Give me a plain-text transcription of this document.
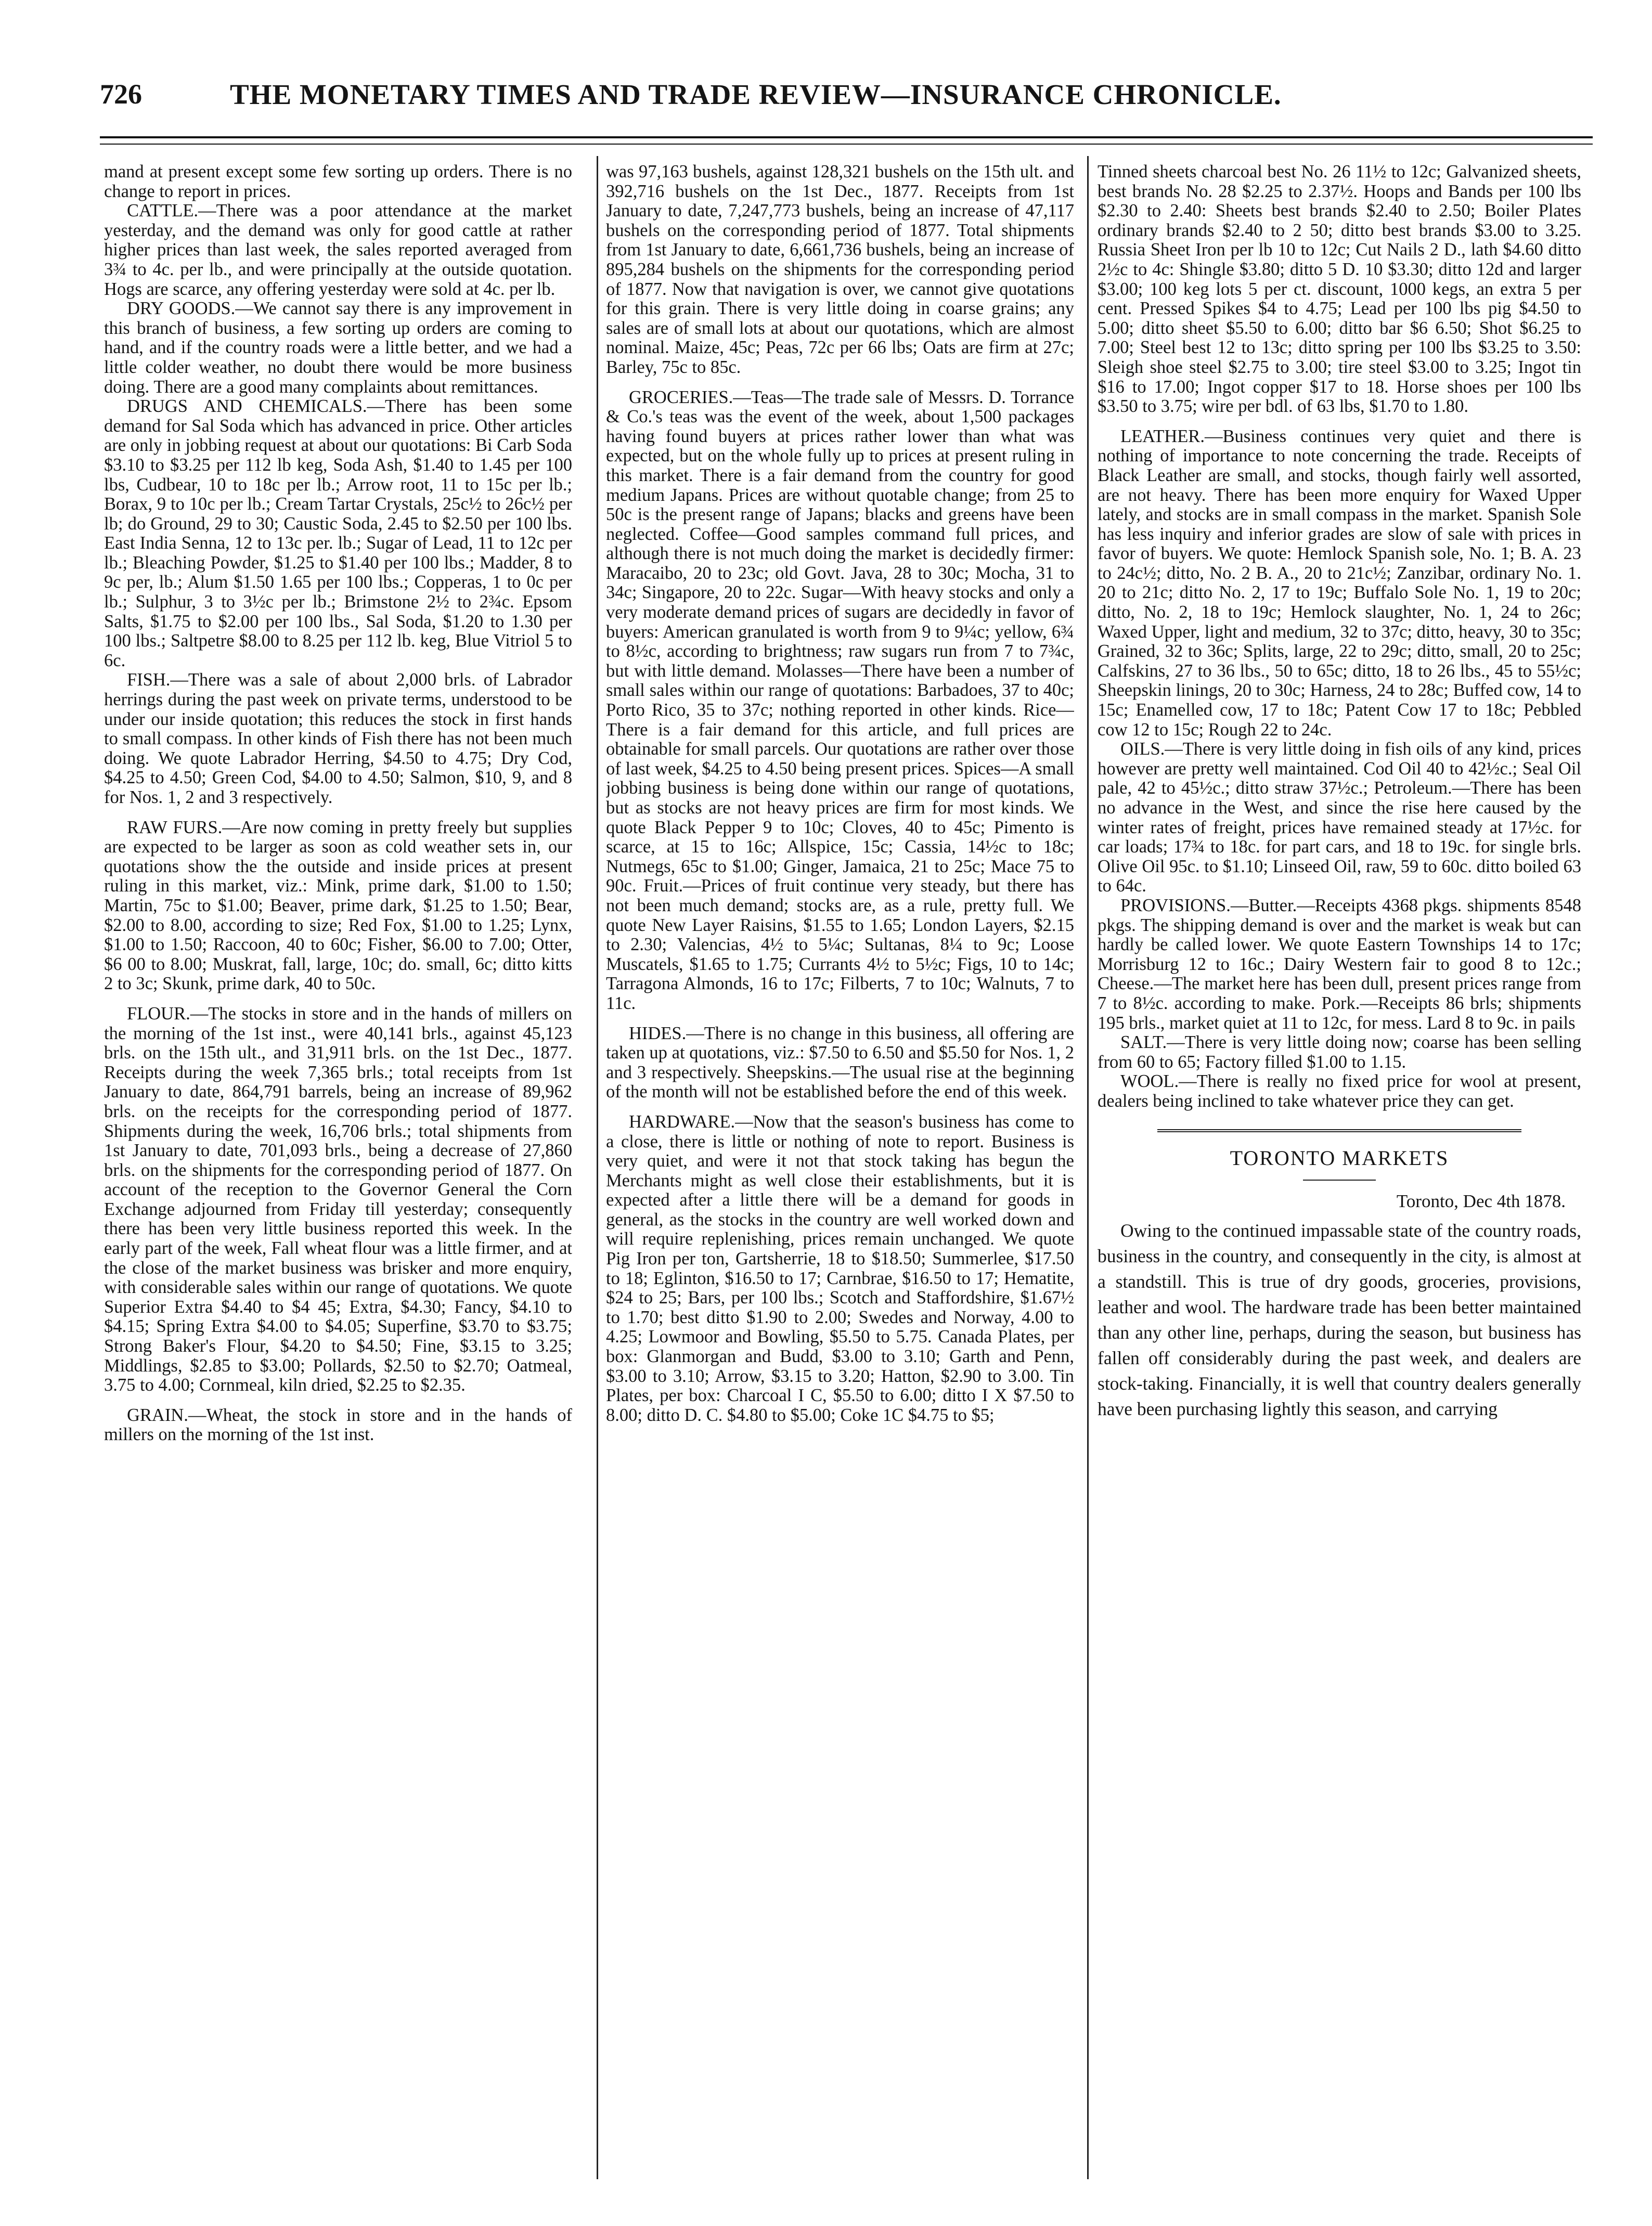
726	THE MONETARY TIMES AND TRADE REVIEW—INSURANCE CHRONICLE.

mand at present except some few sorting up orders. There is no change to report in prices.

CATTLE.—There was a poor attendance at the market yesterday, and the demand was only for good cattle at rather higher prices than last week, the sales reported averaged from 3¾ to 4c. per lb., and were principally at the outside quotation. Hogs are scarce, any offering yesterday were sold at 4c. per lb.

DRY GOODS.—We cannot say there is any improvement in this branch of business, a few sorting up orders are coming to hand, and if the country roads were a little better, and we had a little colder weather, no doubt there would be more business doing. There are a good many complaints about remittances.

DRUGS AND CHEMICALS.—There has been some demand for Sal Soda which has advanced in price. Other articles are only in jobbing request at about our quotations: Bi Carb Soda $3.10 to $3.25 per 112 lb keg, Soda Ash, $1.40 to 1.45 per 100 lbs, Cudbear, 10 to 18c per lb.; Arrow root, 11 to 15c per lb.; Borax, 9 to 10c per lb.; Cream Tartar Crystals, 25c½ to 26c½ per lb; do Ground, 29 to 30; Caustic Soda, 2.45 to $2.50 per 100 lbs. East India Senna, 12 to 13c per. lb.; Sugar of Lead, 11 to 12c per lb.; Bleaching Powder, $1.25 to $1.40 per 100 lbs.; Madder, 8 to 9c per, lb.; Alum $1.50 1.65 per 100 lbs.; Copperas, 1 to 0c per lb.; Sulphur, 3 to 3½c per lb.; Brimstone 2½ to 2¾c. Epsom Salts, $1.75 to $2.00 per 100 lbs., Sal Soda, $1.20 to 1.30 per 100 lbs.; Saltpetre $8.00 to 8.25 per 112 lb. keg, Blue Vitriol 5 to 6c.

FISH.—There was a sale of about 2,000 brls. of Labrador herrings during the past week on private terms, understood to be under our inside quotation; this reduces the stock in first hands to small compass. In other kinds of Fish there has not been much doing. We quote Labrador Herring, $4.50 to 4.75; Dry Cod, $4.25 to 4.50; Green Cod, $4.00 to 4.50; Salmon, $10, 9, and 8 for Nos. 1, 2 and 3 respectively.

RAW FURS.—Are now coming in pretty freely but supplies are expected to be larger as soon as cold weather sets in, our quotations show the the outside and inside prices at present ruling in this market, viz.: Mink, prime dark, $1.00 to 1.50; Martin, 75c to $1.00; Beaver, prime dark, $1.25 to 1.50; Bear, $2.00 to 8.00, according to size; Red Fox, $1.00 to 1.25; Lynx, $1.00 to 1.50; Raccoon, 40 to 60c; Fisher, $6.00 to 7.00; Otter, $6 00 to 8.00; Muskrat, fall, large, 10c; do. small, 6c; ditto kitts 2 to 3c; Skunk, prime dark, 40 to 50c.

FLOUR.—The stocks in store and in the hands of millers on the morning of the 1st inst., were 40,141 brls., against 45,123 brls. on the 15th ult., and 31,911 brls. on the 1st Dec., 1877. Receipts during the week 7,365 brls.; total receipts from 1st January to date, 864,791 barrels, being an increase of 89,962 brls. on the receipts for the corresponding period of 1877. Shipments during the week, 16,706 brls.; total shipments from 1st January to date, 701,093 brls., being a decrease of 27,860 brls. on the shipments for the corresponding period of 1877. On account of the reception to the Governor General the Corn Exchange adjourned from Friday till yesterday; consequently there has been very little business reported this week. In the early part of the week, Fall wheat flour was a little firmer, and at the close of the market business was brisker and more enquiry, with considerable sales within our range of quotations. We quote Superior Extra $4.40 to $4 45; Extra, $4.30; Fancy, $4.10 to $4.15; Spring Extra $4.00 to $4.05; Superfine, $3.70 to $3.75; Strong Baker's Flour, $4.20 to $4.50; Fine, $3.15 to 3.25; Middlings, $2.85 to $3.00; Pollards, $2.50 to $2.70; Oatmeal, 3.75 to 4.00; Cornmeal, kiln dried, $2.25 to $2.35.

GRAIN.—Wheat, the stock in store and in the hands of millers on the morning of the 1st inst.

was 97,163 bushels, against 128,321 bushels on the 15th ult. and 392,716 bushels on the 1st Dec., 1877. Receipts from 1st January to date, 7,247,773 bushels, being an increase of 47,117 bushels on the corresponding period of 1877. Total shipments from 1st January to date, 6,661,736 bushels, being an increase of 895,284 bushels on the shipments for the corresponding period of 1877. Now that navigation is over, we cannot give quotations for this grain. There is very little doing in coarse grains; any sales are of small lots at about our quotations, which are almost nominal. Maize, 45c; Peas, 72c per 66 lbs; Oats are firm at 27c; Barley, 75c to 85c.

GROCERIES.—Teas—The trade sale of Messrs. D. Torrance & Co.'s teas was the event of the week, about 1,500 packages having found buyers at prices rather lower than what was expected, but on the whole fully up to prices at present ruling in this market. There is a fair demand from the country for good medium Japans. Prices are without quotable change; from 25 to 50c is the present range of Japans; blacks and greens have been neglected. Coffee—Good samples command full prices, and although there is not much doing the market is decidedly firmer: Maracaibo, 20 to 23c; old Govt. Java, 28 to 30c; Mocha, 31 to 34c; Singapore, 20 to 22c. Sugar—With heavy stocks and only a very moderate demand prices of sugars are decidedly in favor of buyers: American granulated is worth from 9 to 9¼c; yellow, 6¾ to 8½c, according to brightness; raw sugars run from 7 to 7¾c, but with little demand. Molasses—There have been a number of small sales within our range of quotations: Barbadoes, 37 to 40c; Porto Rico, 35 to 37c; nothing reported in other kinds. Rice—There is a fair demand for this article, and full prices are obtainable for small parcels. Our quotations are rather over those of last week, $4.25 to 4.50 being present prices. Spices—A small jobbing business is being done within our range of quotations, but as stocks are not heavy prices are firm for most kinds. We quote Black Pepper 9 to 10c; Cloves, 40 to 45c; Pimento is scarce, at 15 to 16c; Allspice, 15c; Cassia, 14½c to 18c; Nutmegs, 65c to $1.00; Ginger, Jamaica, 21 to 25c; Mace 75 to 90c. Fruit.—Prices of fruit continue very steady, but there has not been much demand; stocks are, as a rule, pretty full. We quote New Layer Raisins, $1.55 to 1.65; London Layers, $2.15 to 2.30; Valencias, 4½ to 5¼c; Sultanas, 8¼ to 9c; Loose Muscatels, $1.65 to 1.75; Currants 4½ to 5½c; Figs, 10 to 14c; Tarragona Almonds, 16 to 17c; Filberts, 7 to 10c; Walnuts, 7 to 11c.

HIDES.—There is no change in this business, all offering are taken up at quotations, viz.: $7.50 to 6.50 and $5.50 for Nos. 1, 2 and 3 respectively. Sheepskins.—The usual rise at the beginning of the month will not be established before the end of this week.

HARDWARE.—Now that the season's business has come to a close, there is little or nothing of note to report. Business is very quiet, and were it not that stock taking has begun the Merchants might as well close their establishments, but it is expected after a little there will be a demand for goods in general, as the stocks in the country are well worked down and will require replenishing, prices remain unchanged. We quote Pig Iron per ton, Gartsherrie, 18 to $18.50; Summerlee, $17.50 to 18; Eglinton, $16.50 to 17; Carnbrae, $16.50 to 17; Hematite, $24 to 25; Bars, per 100 lbs.; Scotch and Staffordshire, $1.67½ to 1.70; best ditto $1.90 to 2.00; Swedes and Norway, 4.00 to 4.25; Lowmoor and Bowling, $5.50 to 5.75. Canada Plates, per box: Glanmorgan and Budd, $3.00 to 3.10; Garth and Penn, $3.00 to 3.10; Arrow, $3.15 to 3.20; Hatton, $2.90 to 3.00. Tin Plates, per box: Charcoal I C, $5.50 to 6.00; ditto I X $7.50 to 8.00; ditto D. C. $4.80 to $5.00; Coke 1C $4.75 to $5;

Tinned sheets charcoal best No. 26 11½ to 12c; Galvanized sheets, best brands No. 28 $2.25 to 2.37½. Hoops and Bands per 100 lbs $2.30 to 2.40: Sheets best brands $2.40 to 2.50; Boiler Plates ordinary brands $2.40 to 2 50; ditto best brands $3.00 to 3.25. Russia Sheet Iron per lb 10 to 12c; Cut Nails 2 D., lath $4.60 ditto 2½c to 4c: Shingle $3.80; ditto 5 D. 10 $3.30; ditto 12d and larger $3.00; 100 keg lots 5 per ct. discount, 1000 kegs, an extra 5 per cent. Pressed Spikes $4 to 4.75; Lead per 100 lbs pig $4.50 to 5.00; ditto sheet $5.50 to 6.00; ditto bar $6 6.50; Shot $6.25 to 7.00; Steel best 12 to 13c; ditto spring per 100 lbs $3.25 to 3.50: Sleigh shoe steel $2.75 to 3.00; tire steel $3.00 to 3.25; Ingot tin $16 to 17.00; Ingot copper $17 to 18. Horse shoes per 100 lbs $3.50 to 3.75; wire per bdl. of 63 lbs, $1.70 to 1.80.

LEATHER.—Business continues very quiet and there is nothing of importance to note concerning the trade. Receipts of Black Leather are small, and stocks, though fairly well assorted, are not heavy. There has been more enquiry for Waxed Upper lately, and stocks are in small compass in the market. Spanish Sole has less inquiry and inferior grades are slow of sale with prices in favor of buyers. We quote: Hemlock Spanish sole, No. 1; B. A. 23 to 24c½; ditto, No. 2 B. A., 20 to 21c½; Zanzibar, ordinary No. 1. 20 to 21c; ditto No. 2, 17 to 19c; Buffalo Sole No. 1, 19 to 20c; ditto, No. 2, 18 to 19c; Hemlock slaughter, No. 1, 24 to 26c; Waxed Upper, light and medium, 32 to 37c; ditto, heavy, 30 to 35c; Grained, 32 to 36c; Splits, large, 22 to 29c; ditto, small, 20 to 25c; Calfskins, 27 to 36 lbs., 50 to 65c; ditto, 18 to 26 lbs., 45 to 55½c; Sheepskin linings, 20 to 30c; Harness, 24 to 28c; Buffed cow, 14 to 15c; Enamelled cow, 17 to 18c; Patent Cow 17 to 18c; Pebbled cow 12 to 15c; Rough 22 to 24c.

OILS.—There is very little doing in fish oils of any kind, prices however are pretty well maintained. Cod Oil 40 to 42½c.; Seal Oil pale, 42 to 45½c.; ditto straw 37½c.; Petroleum.—There has been no advance in the West, and since the rise here caused by the winter rates of freight, prices have remained steady at 17½c. for car loads; 17¾ to 18c. for part cars, and 18 to 19c. for single brls. Olive Oil 95c. to $1.10; Linseed Oil, raw, 59 to 60c. ditto boiled 63 to 64c.

PROVISIONS.—Butter.—Receipts 4368 pkgs. shipments 8548 pkgs. The shipping demand is over and the market is weak but can hardly be called lower. We quote Eastern Townships 14 to 17c; Morrisburg 12 to 16c.; Dairy Western fair to good 8 to 12c.; Cheese.—The market here has been dull, present prices range from 7 to 8½c. according to make. Pork.—Receipts 86 brls; shipments 195 brls., market quiet at 11 to 12c, for mess. Lard 8 to 9c. in pails

SALT.—There is very little doing now; coarse has been selling from 60 to 65; Factory filled $1.00 to 1.15.

WOOL.—There is really no fixed price for wool at present, dealers being inclined to take whatever price they can get.

TORONTO MARKETS
Toronto, Dec 4th 1878.

Owing to the continued impassable state of the country roads, business in the country, and consequently in the city, is almost at a standstill. This is true of dry goods, groceries, provisions, leather and wool. The hardware trade has been better maintained than any other line, perhaps, during the season, but business has fallen off considerably during the past week, and dealers are stock-taking. Financially, it is well that country dealers generally have been purchasing lightly this season, and carrying
